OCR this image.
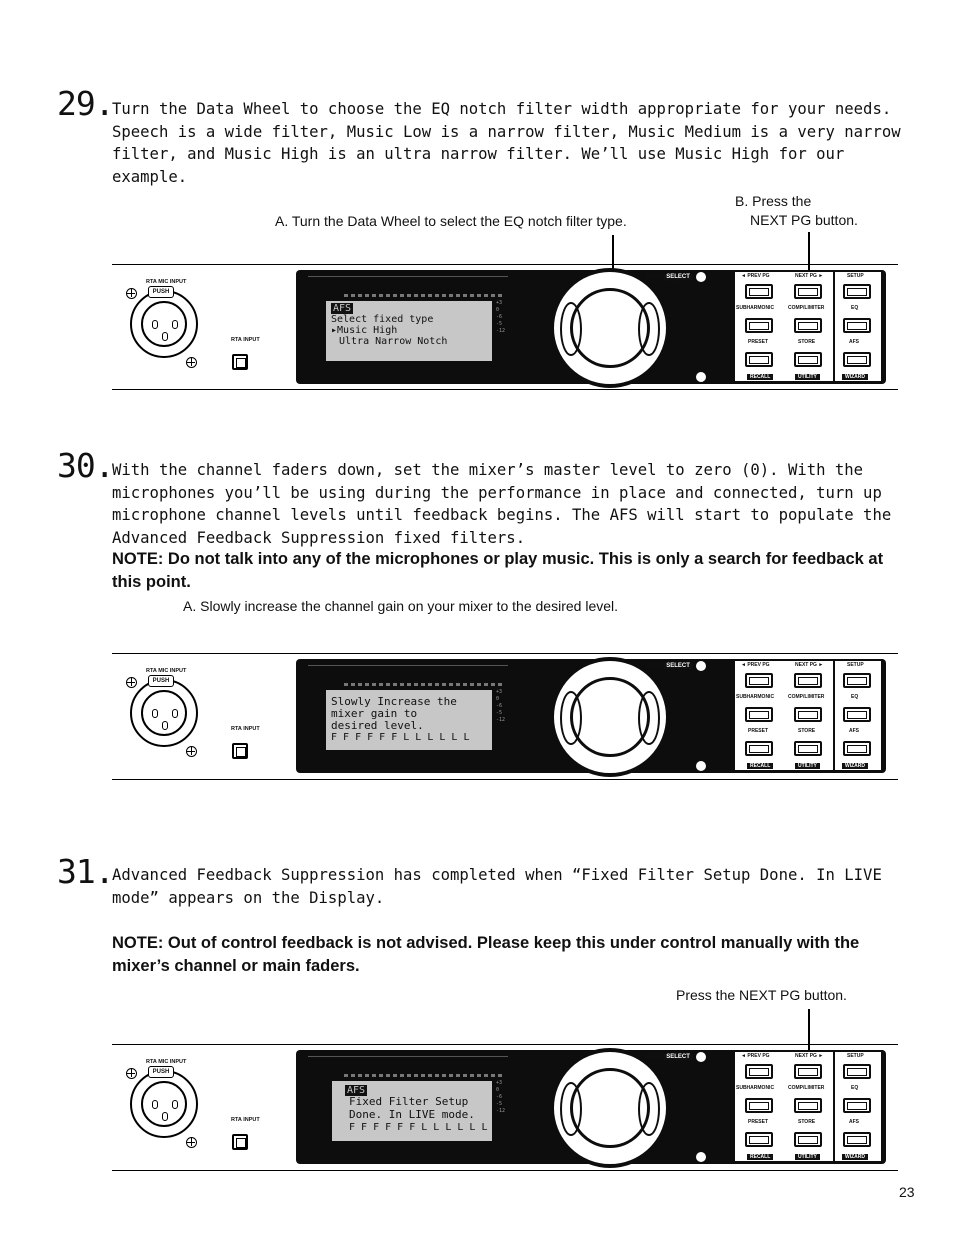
29.
Turn the Data Wheel to choose the EQ notch filter width appropriate for your needs. Speech is a wide filter, Music Low is a narrow filter, Music Medium is a very narrow filter, and Music High is an ultra narrow filter. We’ll use Music High for our example.
A. Turn the Data Wheel to select the EQ notch filter type.
B. Press the
NEXT PG button.
RTA MIC INPUT
PUSH
RTA INPUT
+3
0
-6
-5
-12
AFS
Select fixed type
▸Music High
Ultra Narrow Notch
DATA SELECT
(PUSH)
◄ PREV PG	NEXT PG ►	SETUP
SUBHARMONIC	COMP/LIMITER	EQ
PRESET	STORE	AFS
RECALL	UTILITY	WIZARD
30.
With the channel faders down, set the mixer’s master level to zero (0). With the microphones you’ll be using during the performance in place and connected, turn up microphone channel levels until feedback begins. The AFS will start to populate the Advanced Feedback Suppression fixed filters.
NOTE: Do not talk into any of the microphones or play music. This is only a search for feedback at this point.
A. Slowly increase the channel gain on your mixer to the desired level.
RTA MIC INPUT
PUSH
RTA INPUT
+3
0
-6
-5
-12
Slowly Increase the
mixer gain to
desired level.
F F F F F F L L L L L L
DATA SELECT
(PUSH)
◄ PREV PG	NEXT PG ►	SETUP
SUBHARMONIC	COMP/LIMITER	EQ
PRESET	STORE	AFS
RECALL	UTILITY	WIZARD
31.
Advanced Feedback Suppression has completed when “Fixed Filter Setup Done. In LIVE mode” appears on the Display.
NOTE: Out of control feedback is not advised. Please keep this under control manually with the mixer’s channel or main faders.
Press the NEXT PG button.
RTA MIC INPUT
PUSH
RTA INPUT
+3
0
-6
-5
-12
AFS
Fixed Filter Setup
Done. In LIVE mode.
F F F F F F L L L L L L
DATA SELECT
(PUSH)
◄ PREV PG	NEXT PG ►	SETUP
SUBHARMONIC	COMP/LIMITER	EQ
PRESET	STORE	AFS
RECALL	UTILITY	WIZARD
23
